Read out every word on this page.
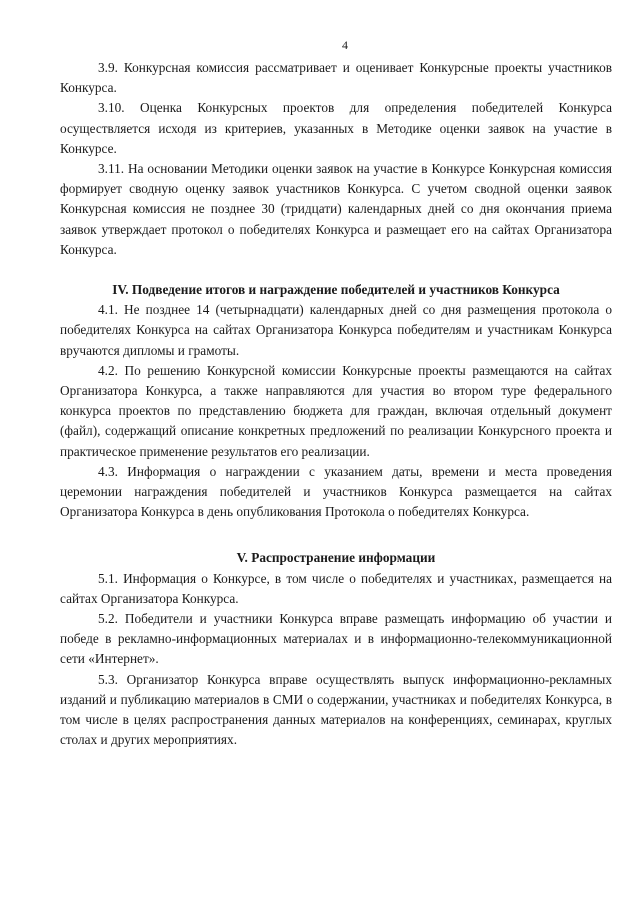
4

3.9. Конкурсная комиссия рассматривает и оценивает Конкурсные проекты участников Конкурса.

3.10. Оценка Конкурсных проектов для определения победителей Конкурса осуществляется исходя из критериев, указанных в Методике оценки заявок на участие в Конкурсе.

3.11. На основании Методики оценки заявок на участие в Конкурсе Конкурсная комиссия формирует сводную оценку заявок участников Конкурса. С учетом сводной оценки заявок Конкурсная комиссия не позднее 30 (тридцати) календарных дней со дня окончания приема заявок утверждает протокол о победителях Конкурса и размещает его на сайтах Организатора Конкурса.

IV. Подведение итогов и награждение победителей и участников Конкурса

4.1. Не позднее 14 (четырнадцати) календарных дней со дня размещения протокола о победителях Конкурса на сайтах Организатора Конкурса победителям и участникам Конкурса вручаются дипломы и грамоты.

4.2. По решению Конкурсной комиссии Конкурсные проекты размещаются на сайтах Организатора Конкурса, а также направляются для участия во втором туре федерального конкурса проектов по представлению бюджета для граждан, включая отдельный документ (файл), содержащий описание конкретных предложений по реализации Конкурсного проекта и практическое применение результатов его реализации.

4.3. Информация о награждении с указанием даты, времени и места проведения церемонии награждения победителей и участников Конкурса размещается на сайтах Организатора Конкурса в день опубликования Протокола о победителях Конкурса.

V. Распространение информации

5.1. Информация о Конкурсе, в том числе о победителях и участниках, размещается на сайтах Организатора Конкурса.

5.2. Победители и участники Конкурса вправе размещать информацию об участии и победе в рекламно-информационных материалах и в информационно-телекоммуникационной сети «Интернет».

5.3. Организатор Конкурса вправе осуществлять выпуск информационно-рекламных изданий и публикацию материалов в СМИ о содержании, участниках и победителях Конкурса, в том числе в целях распространения данных материалов на конференциях, семинарах, круглых столах и других мероприятиях.
